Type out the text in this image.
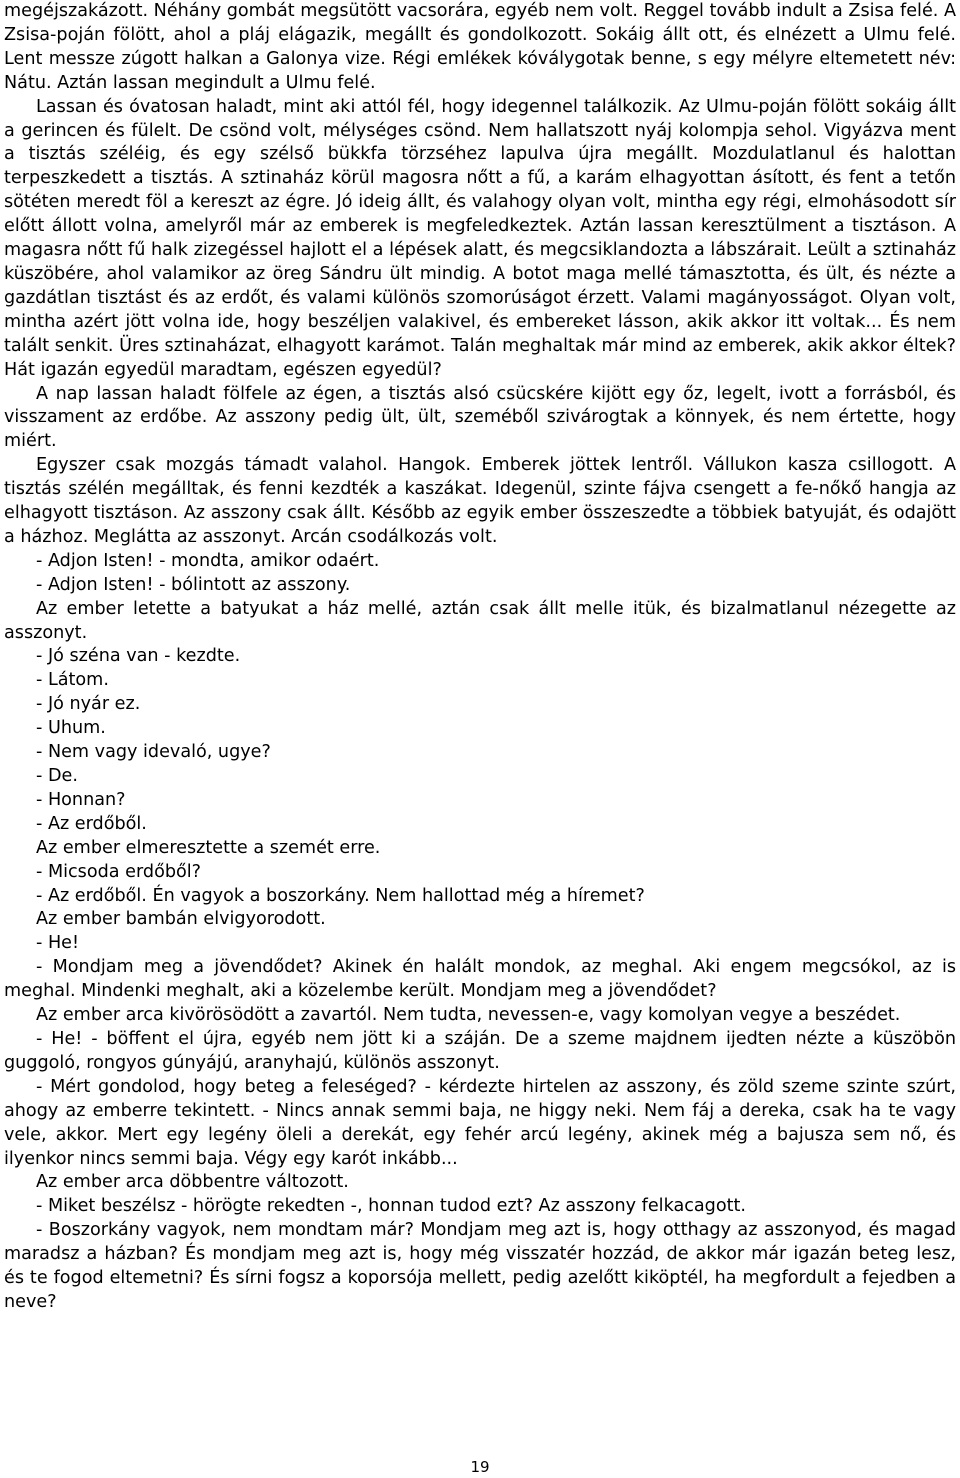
megéjszakázott. Néhány gombát megsütött vacsorára, egyéb nem volt. Reggel tovább indult a Zsisa felé. A Zsisa-poján fölött, ahol a pláj elágazik, megállt és gondolkozott. Sokáig állt ott, és elnézett a Ulmu felé. Lent messze zúgott halkan a Galonya vize. Régi emlékek kóválygotak benne, s egy mélyre eltemetett név: Nátu. Aztán lassan megindult a Ulmu felé.

Lassan és óvatosan haladt, mint aki attól fél, hogy idegennel találkozik. Az Ulmu-poján fölött sokáig állt a gerincen és fülelt. De csönd volt, mélységes csönd. Nem hallatszott nyáj kolompja sehol. Vigyázva ment a tisztás széléig, és egy szélső bükkfa törzséhez lapulva újra megállt. Mozdulatlanul és halottan terpeszkedett a tisztás. A sztinaház körül magosra nőtt a fű, a karám elhagyottan ásított, és fent a tetőn sötéten meredt föl a kereszt az égre. Jó ideig állt, és valahogy olyan volt, mintha egy régi, elmohásodott sír előtt állott volna, amelyről már az emberek is megfeledkeztek. Aztán lassan keresztülment a tisztáson. A magasra nőtt fű halk zizegéssel hajlott el a lépések alatt, és megcsiklandozta a lábszárait. Leült a sztinaház küszöbére, ahol valamikor az öreg Sándru ült mindig. A botot maga mellé támasztotta, és ült, és nézte a gazdátlan tisztást és az erdőt, és valami különös szomorúságot érzett. Valami magányosságot. Olyan volt, mintha azért jött volna ide, hogy beszéljen valakivel, és embereket lásson, akik akkor itt voltak... És nem talált senkit. Üres sztinaházat, elhagyott karámot. Talán meghaltak már mind az emberek, akik akkor éltek? Hát igazán egyedül maradtam, egészen egyedül?

A nap lassan haladt fölfele az égen, a tisztás alsó csücskére kijött egy őz, legelt, ivott a forrásból, és visszament az erdőbe. Az asszony pedig ült, ült, szeméből szivárogtak a könnyek, és nem értette, hogy miért.

Egyszer csak mozgás támadt valahol. Hangok. Emberek jöttek lentről. Vállukon kasza csillogott. A tisztás szélén megálltak, és fenni kezdték a kaszákat. Idegenül, szinte fájva csengett a fe-nőkő hangja az elhagyott tisztáson. Az asszony csak állt. Később az egyik ember összeszedte a többiek batyuját, és odajött a házhoz. Meglátta az asszonyt. Arcán csodálkozás volt.

- Adjon Isten! - mondta, amikor odaért.

- Adjon Isten! - bólintott az asszony.

Az ember letette a batyukat a ház mellé, aztán csak állt melle itük, és bizalmatlanul nézegette az asszonyt.

- Jó széna van - kezdte.

- Látom.

- Jó nyár ez.

- Uhum.

- Nem vagy idevaló, ugye?

- De.

- Honnan?

- Az erdőből.

Az ember elmeresztette a szemét erre.

- Micsoda erdőből?

- Az erdőből. Én vagyok a boszorkány. Nem hallottad még a híremet?

Az ember bambán elvigyorodott.

- He!

- Mondjam meg a jövendődet? Akinek én halált mondok, az meghal. Aki engem megcsókol, az is meghal. Mindenki meghalt, aki a közelembe került. Mondjam meg a jövendődet?

Az ember arca kivörösödött a zavartól. Nem tudta, nevessen-e, vagy komolyan vegye a beszédet.

- He! - böffent el újra, egyéb nem jött ki a száján. De a szeme majdnem ijedten nézte a küszöbön guggoló, rongyos gúnyájú, aranyhajú, különös asszonyt.

- Mért gondolod, hogy beteg a feleséged? - kérdezte hirtelen az asszony, és zöld szeme szinte szúrt, ahogy az emberre tekintett. - Nincs annak semmi baja, ne higgy neki. Nem fáj a dereka, csak ha te vagy vele, akkor. Mert egy legény öleli a derekát, egy fehér arcú legény, akinek még a bajusza sem nő, és ilyenkor nincs semmi baja. Végy egy karót inkább...

Az ember arca döbbentre változott.

- Miket beszélsz - hörögte rekedten -, honnan tudod ezt? Az asszony felkacagott.

- Boszorkány vagyok, nem mondtam már? Mondjam meg azt is, hogy otthagy az asszonyod, és magad maradsz a házban? És mondjam meg azt is, hogy még visszatér hozzád, de akkor már igazán beteg lesz, és te fogod eltemetni? És sírni fogsz a koporsója mellett, pedig azelőtt kiköptél, ha megfordult a fejedben a neve?

19
